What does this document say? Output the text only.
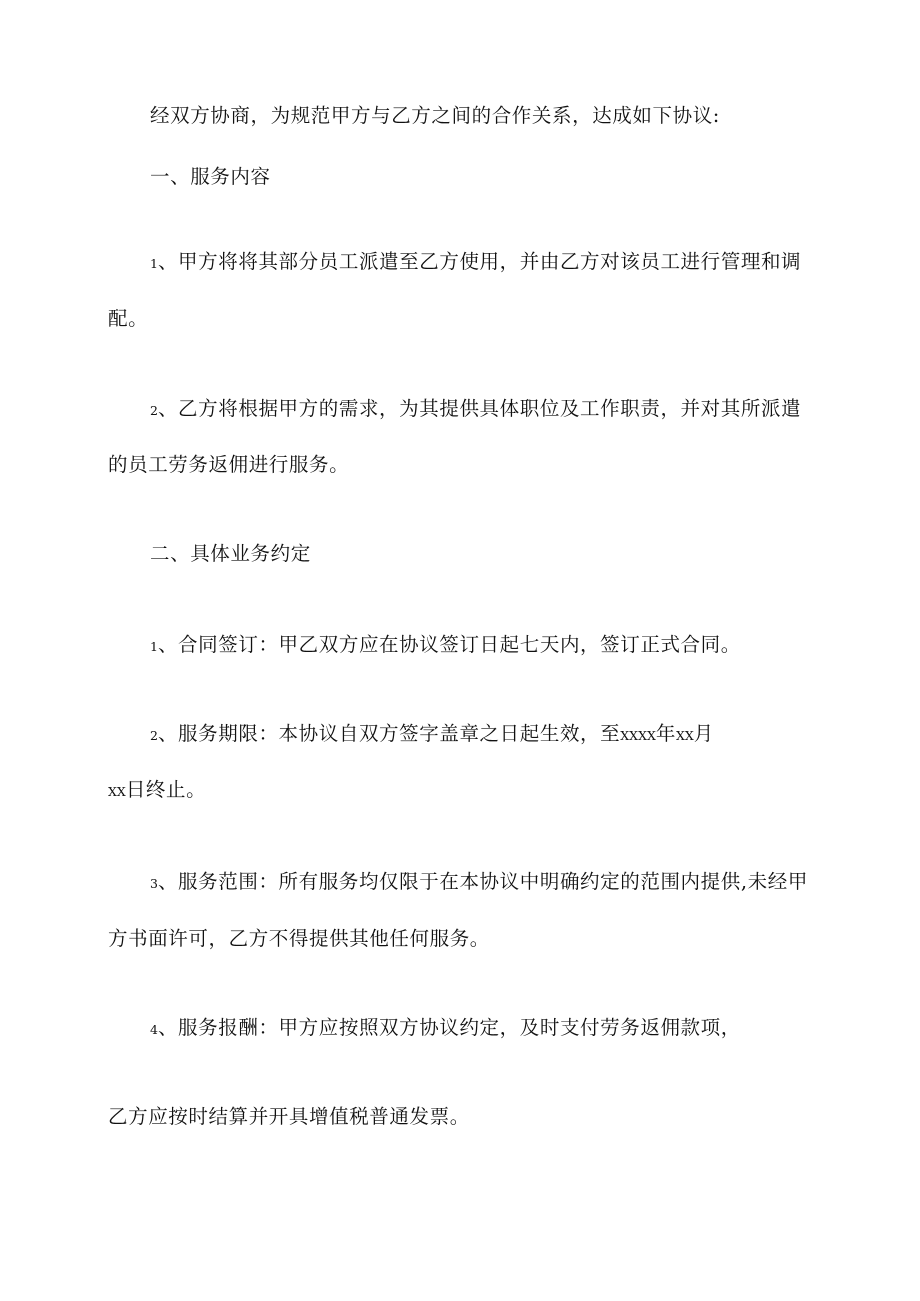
经双方协商，为规范甲方与乙方之间的合作关系，达成如下协议:
一、服务内容
1、甲方将将其部分员工派遣至乙方使用，并由乙方对该员工进行管理和调
配。
2、乙方将根据甲方的需求，为其提供具体职位及工作职责，并对其所派遣
的员工劳务返佣进行服务。
二、具体业务约定
1、合同签订：甲乙双方应在协议签订日起七天内，签订正式合同。
2、服务期限：本协议自双方签字盖章之日起生效，至XXXX年XX月
XX日终止。
3、服务范围：所有服务均仅限于在本协议中明确约定的范围内提供,未经甲
方书面许可，乙方不得提供其他任何服务。
4、服务报酬：甲方应按照双方协议约定，及时支付劳务返佣款项，
乙方应按时结算并开具增值税普通发票。
